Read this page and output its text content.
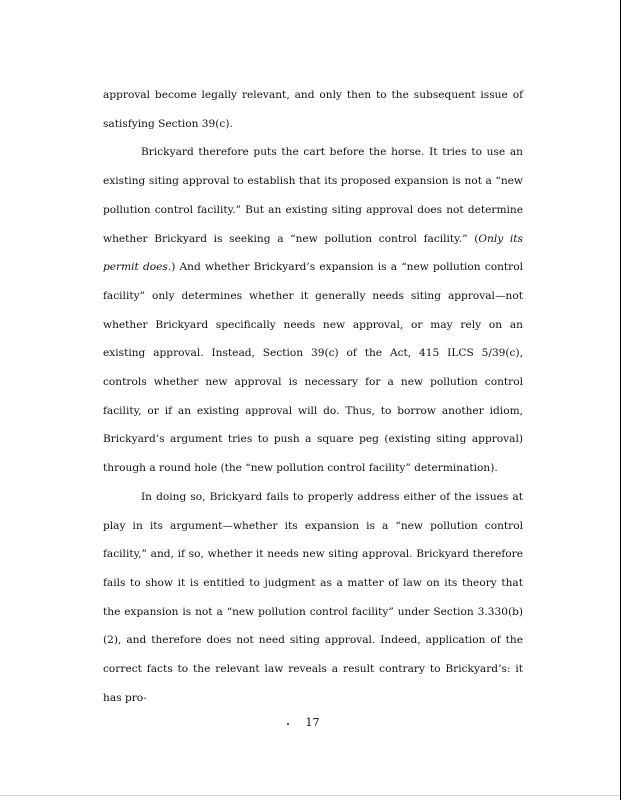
approval become legally relevant, and only then to the subsequent issue of satisfying Section 39(c).

Brickyard therefore puts the cart before the horse. It tries to use an existing siting approval to establish that its proposed expansion is not a “new pollution control facility.” But an existing siting approval does not determine whether Brickyard is seeking a “new pollution control facility.” (Only its permit does.) And whether Brickyard’s expansion is a “new pollution control facility” only determines whether it generally needs siting approval—not whether Brickyard specifically needs new approval, or may rely on an existing approval. Instead, Section 39(c) of the Act, 415 ILCS 5/39(c), controls whether new approval is necessary for a new pollution control facility, or if an existing approval will do. Thus, to borrow another idiom, Brickyard’s argument tries to push a square peg (existing siting approval) through a round hole (the “new pollution control facility” determination).

In doing so, Brickyard fails to properly address either of the issues at play in its argument—whether its expansion is a “new pollution control facility,” and, if so, whether it needs new siting approval. Brickyard therefore fails to show it is entitled to judgment as a matter of law on its theory that the expansion is not a “new pollution control facility” under Section 3.330(b)(2), and therefore does not need siting approval. Indeed, application of the correct facts to the relevant law reveals a result contrary to Brickyard’s: it has pro-

17
